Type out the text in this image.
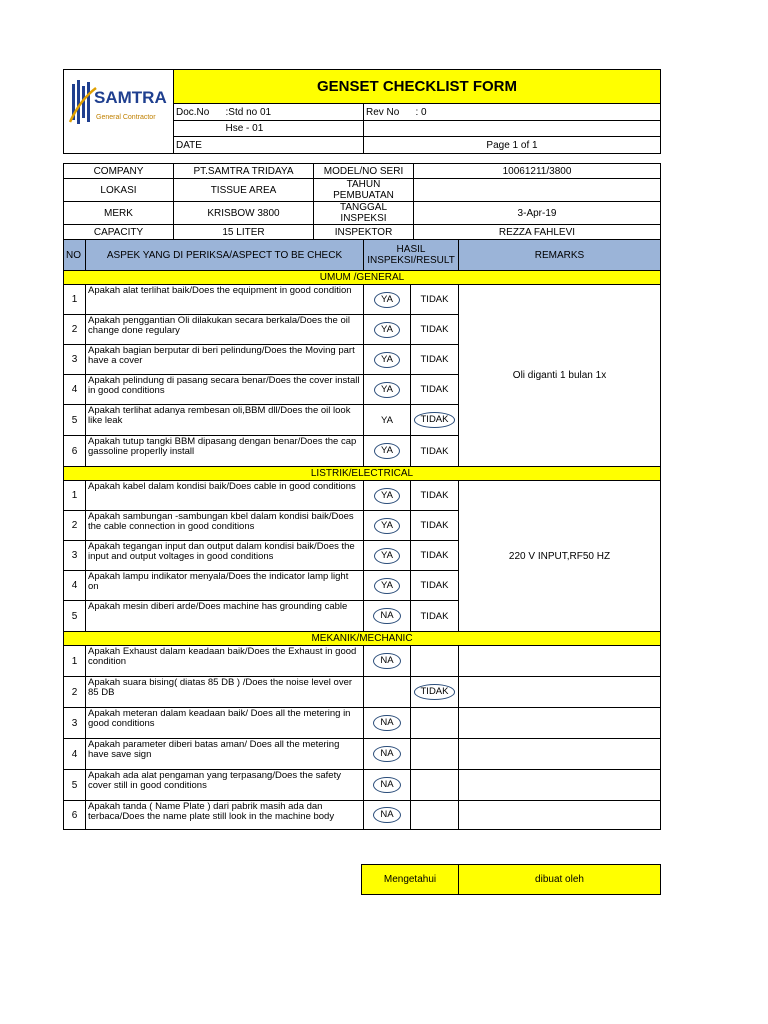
SAMTRA
General Contractor	GENSET CHECKLIST FORM			
	Doc.No	:Std no 01	Rev No	: 0
		Hse - 01		
	DATE		Page 1 of 1	
COMPANY	PT.SAMTRA TRIDAYA	MODEL/NO SERI	10061211/3800
LOKASI	TISSUE AREA	TAHUN PEMBUATAN	
MERK	KRISBOW 3800	TANGGAL INSPEKSI	3-Apr-19
CAPACITY	15 LITER	INSPEKTOR	REZZA FAHLEVI
NO	ASPEK YANG DI PERIKSA/ASPECT TO BE CHECK	HASIL INSPEKSI/RESULT		REMARKS
UMUM /GENERAL				
1	Apakah alat terlihat baik/Does the equipment in good condition	YA	TIDAK	Oli diganti 1 bulan 1x
2	Apakah penggantian Oli dilakukan secara berkala/Does the oil change done regulary	YA	TIDAK	
3	Apakah bagian berputar di beri pelindung/Does the Moving part have a cover	YA	TIDAK	
4	Apakah pelindung di pasang secara benar/Does the cover install in good conditions	YA	TIDAK	
5	Apakah terlihat adanya rembesan oli,BBM dll/Does the oil look like leak	YA	TIDAK	
6	Apakah tutup tangki BBM dipasang dengan benar/Does the cap gassoline properlly install	YA	TIDAK	
LISTRIK/ELECTRICAL				
1	Apakah kabel dalam kondisi baik/Does cable in good conditions	YA	TIDAK	220 V INPUT,RF50 HZ
2	Apakah sambungan -sambungan kbel dalam kondisi baik/Does the cable connection in good conditions	YA	TIDAK	
3	Apakah tegangan input dan output dalam kondisi baik/Does the input and output voltages in good conditions	YA	TIDAK	
4	Apakah lampu indikator menyala/Does the indicator lamp light on	YA	TIDAK	
5	Apakah mesin diberi arde/Does machine has grounding cable	NA	TIDAK	
MEKANIK/MECHANIC				
1	Apakah Exhaust dalam keadaan baik/Does the Exhaust in good condition	NA		
2	Apakah suara bising( diatas 85 DB ) /Does the noise level over 85 DB		TIDAK	
3	Apakah meteran dalam keadaan baik/ Does all the metering in good conditions	NA		
4	Apakah parameter diberi batas aman/ Does all the metering have save sign	NA		
5	Apakah ada alat pengaman yang terpasang/Does the safety cover still in good conditions	NA		
6	Apakah tanda ( Name Plate ) dari pabrik masih ada dan terbaca/Does the name plate still look in the machine body	NA		
Mengetahui	dibuat oleh
